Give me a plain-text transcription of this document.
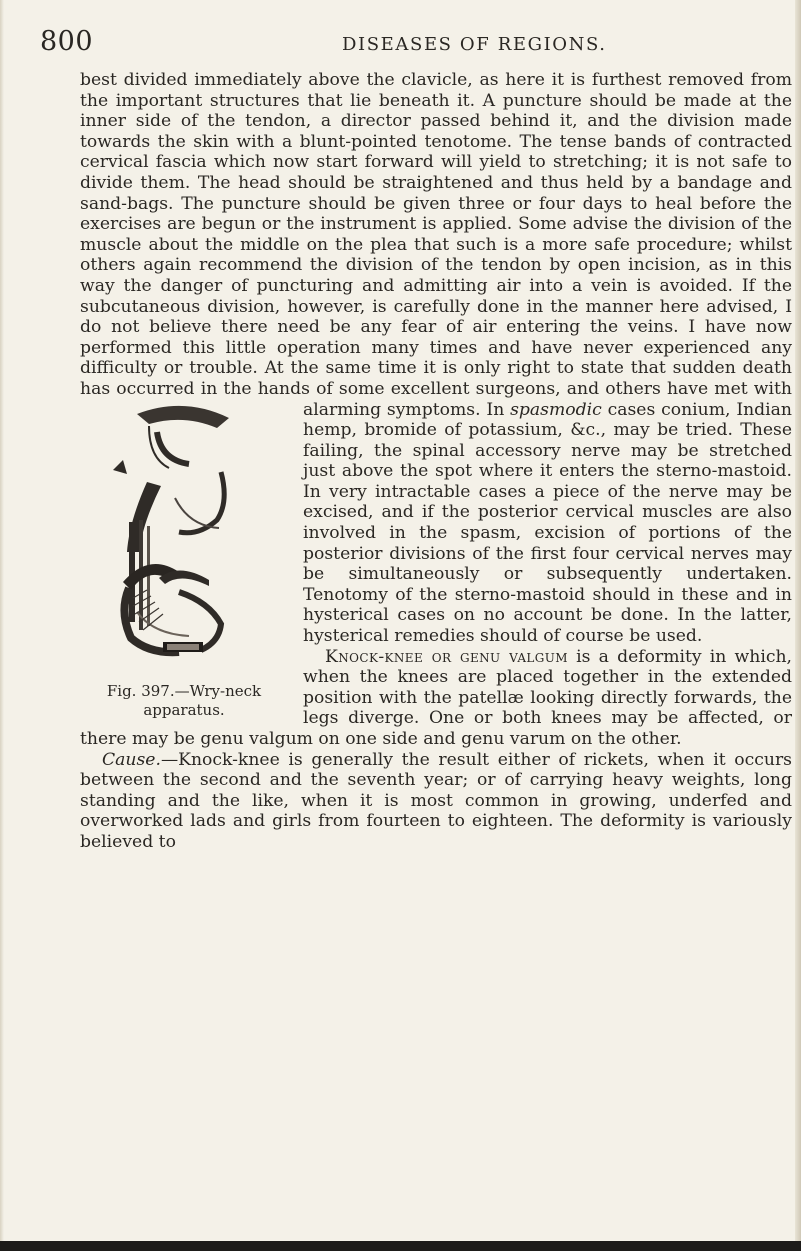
800	DISEASES OF REGIONS.

best divided immediately above the clavicle, as here it is furthest removed from the important structures that lie beneath it. A puncture should be made at the inner side of the tendon, a director passed behind it, and the division made towards the skin with a blunt-pointed tenotome. The tense bands of contracted cervical fascia which now start forward will yield to stretching; it is not safe to divide them. The head should be straightened and thus held by a bandage and sand-bags. The puncture should be given three or four days to heal before the exercises are begun or the instrument is applied. Some advise the division of the muscle about the middle on the plea that such is a more safe procedure; whilst others again recommend the division of the tendon by open incision, as in this way the danger of puncturing and admitting air into a vein is avoided. If the subcutaneous division, however, is carefully done in the manner here advised, I do not believe there need be any fear of air entering the veins. I have now performed this little operation many times and have never experienced any difficulty or trouble. At the same time it is only right to state that sudden death has occurred in the hands of some excellent surgeons, and others have met with alarming symptoms. In
Fig. 397.—Wry-neck
apparatus.
spasmodic cases conium, Indian hemp, bromide of potassium, &c., may be tried. These failing, the spinal accessory nerve may be stretched just above the spot where it enters the sterno-mastoid. In very intractable cases a piece of the nerve may be excised, and if the posterior cervical muscles are also involved in the spasm, excision of portions of the posterior divisions of the first four cervical nerves may be simultaneously or subsequently undertaken. Tenotomy of the sterno-mastoid should in these and in hysterical cases on no account be done. In the latter, hysterical remedies should of course be used.

Knock-knee or genu valgum is a deformity in which, when the knees are placed together in the extended position with the patellæ looking directly forwards, the legs diverge. One or both knees may be affected, or there may be genu valgum on one side and genu varum on the other.

Cause.—Knock-knee is generally the result either of rickets, when it occurs between the second and the seventh year; or of carrying heavy weights, long standing and the like, when it is most common in growing, underfed and overworked lads and girls from fourteen to eighteen. The deformity is variously believed to
